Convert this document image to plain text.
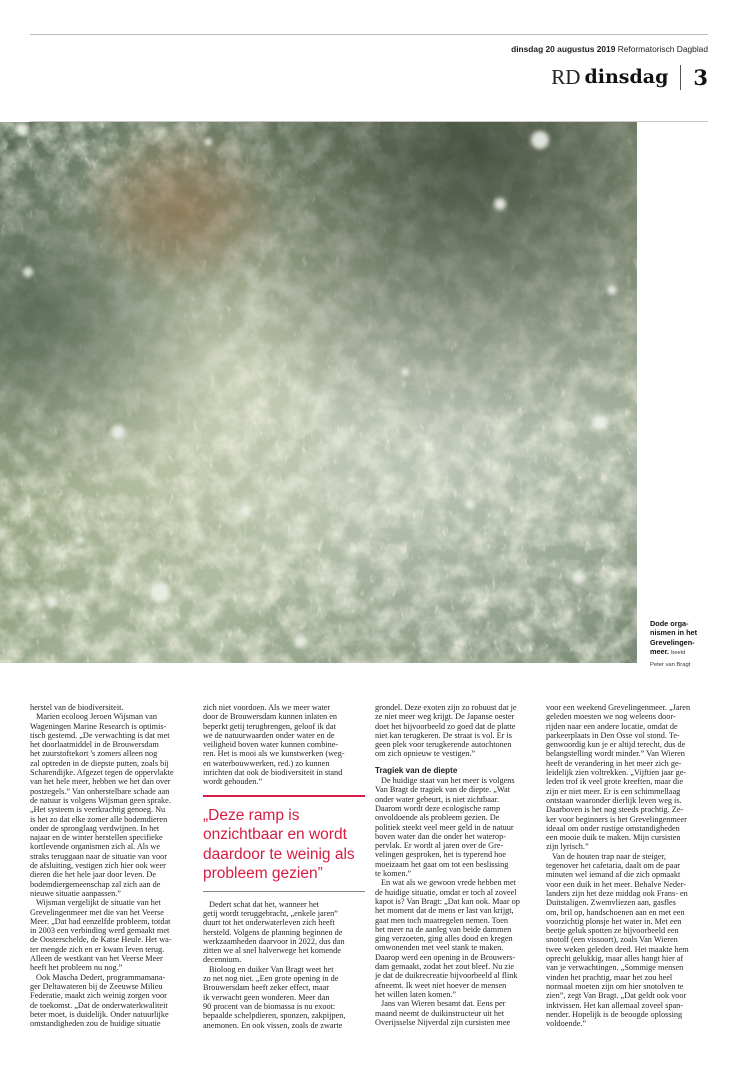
dinsdag 20 augustus 2019 Reformatorisch Dagblad
RD dinsdag 3
Dode orga-
nismen in het
Grevelingen-
meer. beeld
Peter van Bragt
herstel van de biodiversiteit.
Marien ecoloog Jeroen Wijsman van
Wageningen Marine Research is optimis-
tisch gestemd. „De verwachting is dat met
het doorlaatmiddel in de Brouwersdam
het zuurstoftekort 's zomers alleen nog
zal optreden in de diepste putten, zoals bij
Scharendijke. Afgezet tegen de oppervlakte
van het hele meer, hebben we het dan over
postzegels.” Van onherstelbare schade aan
de natuur is volgens Wijsman geen sprake.
„Het systeem is veerkrachtig genoeg. Nu
is het zo dat elke zomer alle bodemdieren
onder de spronglaag verdwijnen. In het
najaar en de winter herstellen specifieke
kortlevende organismen zich al. Als we
straks teruggaan naar de situatie van voor
de afsluiting, vestigen zich hier ook weer
dieren die het hele jaar door leven. De
bodemdiergemeenschap zal zich aan de
nieuwe situatie aanpassen.”
Wijsman vergelijkt de situatie van het
Grevelingenmeer met die van het Veerse
Meer. „Dat had eenzelfde probleem, totdat
in 2003 een verbinding werd gemaakt met
de Oosterschelde, de Katse Heule. Het wa-
ter mengde zich en er kwam leven terug.
Alleen de westkant van het Veerse Meer
heeft het probleem nu nog.”
Ook Mascha Dedert, programmamana-
ger Deltawateren bij de Zeeuwse Milieu
Federatie, maakt zich weinig zorgen voor
de toekomst. „Dat de onderwaterkwaliteit
beter moet, is duidelijk. Onder natuurlijke
omstandigheden zou de huidige situatie
zich niet voordoen. Als we meer water
door de Brouwersdam kunnen inlaten en
beperkt getij terugbrengen, geloof ik dat
we de natuurwaarden onder water en de
veiligheid boven water kunnen combine-
ren. Het is mooi als we kunstwerken (weg-
en waterbouwwerken, red.) zo kunnen
inrichten dat ook de biodiversiteit in stand
wordt gehouden.”
„Deze ramp is onzichtbaar en wordt daardoor te weinig als probleem gezien”
Dedert schat dat het, wanneer het
getij wordt teruggebracht, „enkele jaren”
duurt tot het onderwaterleven zich heeft
hersteld. Volgens de planning beginnen de
werkzaamheden daarvoor in 2022, dus dan
zitten we al snel halverwege het komende
decennium.
Bioloog en duiker Van Bragt weet het
zo net nog niet. „Een grote opening in de
Brouwersdam heeft zeker effect, maar
ik verwacht geen wonderen. Meer dan
90 procent van de biomassa is nu exoot:
bepaalde schelpdieren, sponzen, zakpijpen,
anemonen. En ook vissen, zoals de zwarte
grondel. Deze exoten zijn zo robuust dat je
ze niet meer weg krijgt. De Japanse oester
doet het bijvoorbeeld zo goed dat de platte
niet kan terugkeren. De straat is vol. Er is
geen plek voor terugkerende autochtonen
om zich opnieuw te vestigen.”
Tragiek van de diepte
De huidige staat van het meer is volgens
Van Bragt de tragiek van de diepte. „Wat
onder water gebeurt, is niet zichtbaar.
Daarom wordt deze ecologische ramp
onvoldoende als probleem gezien. De
politiek steekt veel meer geld in de natuur
boven water dan die onder het waterop-
pervlak. Er wordt al jaren over de Gre-
velingen gesproken, het is typerend hoe
moeizaam het gaat om tot een beslissing
te komen.”
En wat als we gewoon vrede hebben met
de huidige situatie, omdat er toch al zoveel
kapot is? Van Bragt: „Dat kan ook. Maar op
het moment dat de mens er last van krijgt,
gaat men toch maatregelen nemen. Toen
het meer na de aanleg van beide dammen
ging verzoeten, ging alles dood en kregen
omwonenden met veel stank te maken.
Daarop werd een opening in de Brouwers-
dam gemaakt, zodat het zout bleef. Nu zie
je dat de duikrecreatie bijvoorbeeld al flink
afneemt. Ik weet niet hoever de mensen
het willen laten komen.”
Jans van Wieren besamt dat. Eens per
maand neemt de duikinstructeur uit het
Overijsselse Nijverdal zijn cursisten mee
voor een weekend Grevelingenmeer. „Jaren
geleden moesten we nog weleens door-
rijden naar een andere locatie, omdat de
parkeerplaats in Den Osse vol stond. Te-
genwoordig kun je er altijd terecht, dus de
belangstelling wordt minder.” Van Wieren
heeft de verandering in het meer zich ge-
leidelijk zien voltrekken. „Vijftien jaar ge-
leden trof ik veel grote kreeften, maar die
zijn er niet meer. Er is een schimmellaag
ontstaan waaronder dierlijk leven weg is.
Daarboven is het nog steeds prachtig. Ze-
ker voor beginners is het Grevelingenmeer
ideaal om onder rustige omstandigheden
een mooie duik te maken. Mijn cursisten
zijn lyrisch.”
Van de houten trap naar de steiger,
tegenover het cafetaria, daalt om de paar
minuten wel iemand af die zich opmaakt
voor een duik in het meer. Behalve Neder-
landers zijn het deze middag ook Frans- en
Duitstaligen. Zwemvliezen aan, gasfles
om, bril op, handschoenen aan en met een
voorzichtig plonsje het water in. Met een
beetje geluk spotten ze bijvoorbeeld een
snotolf (een vissoort), zoals Van Wieren
twee weken geleden deed. Het maakte hem
oprecht gelukkig, maar alles hangt hier af
van je verwachtingen. „Sommige mensen
vinden het prachtig, maar het zou heel
normaal moeten zijn om hier snotolven te
zien”, zegt Van Bragt. „Dat geldt ook voor
inktvissen. Het kan allemaal zoveel span-
nender. Hopelijk is de beoogde oplossing
voldoende.”
